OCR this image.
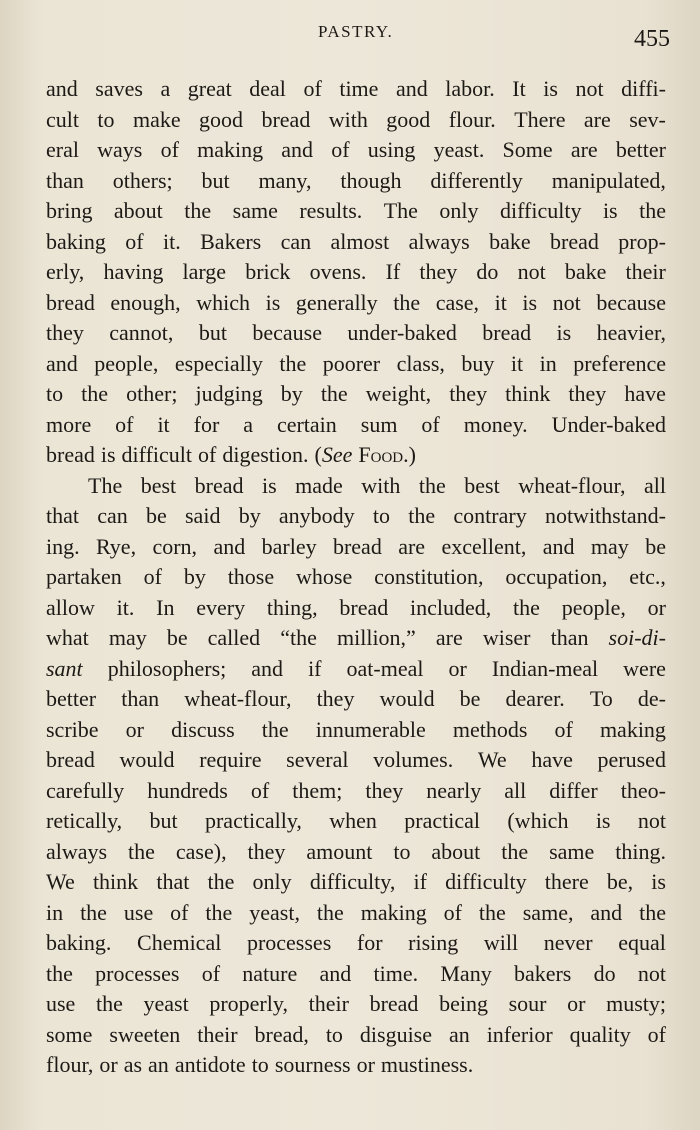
PASTRY.	455
and saves a great deal of time and labor. It is not diffi-
cult to make good bread with good flour. There are sev-
eral ways of making and of using yeast. Some are better
than others; but many, though differently manipulated,
bring about the same results. The only difficulty is the
baking of it. Bakers can almost always bake bread prop-
erly, having large brick ovens. If they do not bake their
bread enough, which is generally the case, it is not because
they cannot, but because under-baked bread is heavier,
and people, especially the poorer class, buy it in preference
to the other; judging by the weight, they think they have
more of it for a certain sum of money. Under-baked
bread is difficult of digestion. (See Food.)
The best bread is made with the best wheat-flour, all
that can be said by anybody to the contrary notwithstand-
ing. Rye, corn, and barley bread are excellent, and may be
partaken of by those whose constitution, occupation, etc.,
allow it. In every thing, bread included, the people, or
what may be called “the million,” are wiser than soi-di-
sant philosophers; and if oat-meal or Indian-meal were
better than wheat-flour, they would be dearer. To de-
scribe or discuss the innumerable methods of making
bread would require several volumes. We have perused
carefully hundreds of them; they nearly all differ theo-
retically, but practically, when practical (which is not
always the case), they amount to about the same thing.
We think that the only difficulty, if difficulty there be, is
in the use of the yeast, the making of the same, and the
baking. Chemical processes for rising will never equal
the processes of nature and time. Many bakers do not
use the yeast properly, their bread being sour or musty;
some sweeten their bread, to disguise an inferior quality of
flour, or as an antidote to sourness or mustiness.
